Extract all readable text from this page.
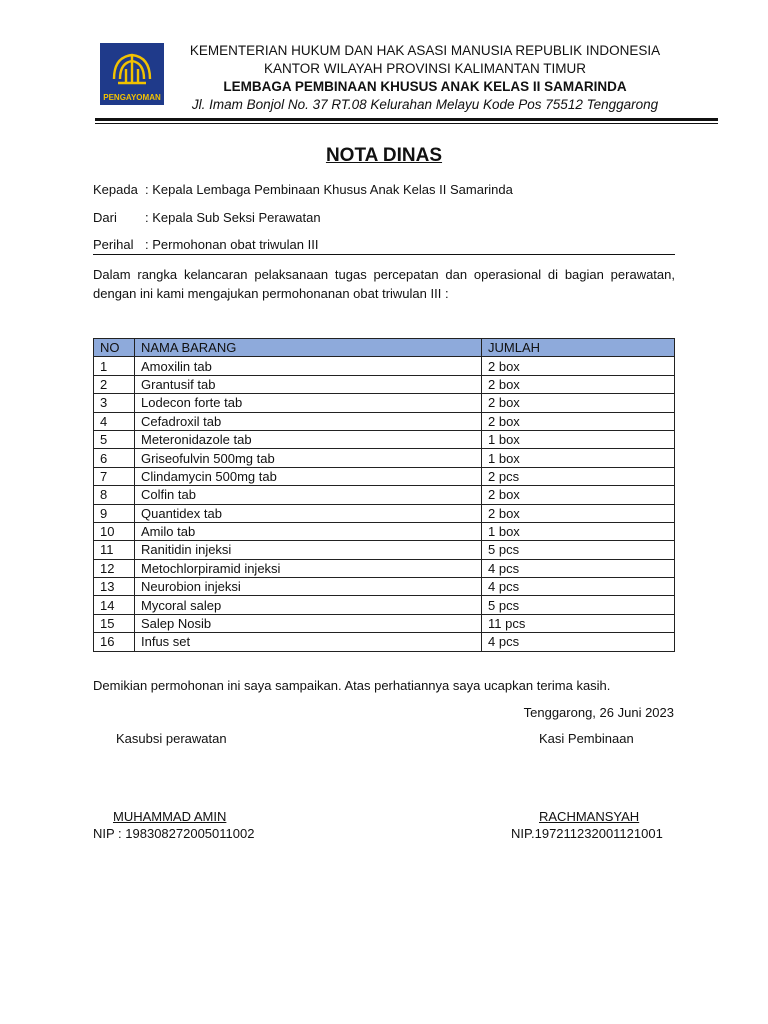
PENGAYOMAN
KEMENTERIAN HUKUM DAN HAK ASASI MANUSIA REPUBLIK INDONESIA
KANTOR WILAYAH PROVINSI KALIMANTAN TIMUR
LEMBAGA PEMBINAAN KHUSUS ANAK KELAS II SAMARINDA
Jl. Imam Bonjol No. 37 RT.08 Kelurahan Melayu Kode Pos 75512 Tenggarong
NOTA DINAS
Kepada : Kepala Lembaga Pembinaan Khusus Anak Kelas II Samarinda
Dari : Kepala Sub Seksi Perawatan
Perihal : Permohonan obat triwulan III
Dalam rangka kelancaran pelaksanaan tugas percepatan dan operasional di bagian perawatan, dengan ini kami mengajukan permohonanan obat triwulan III :
NO	NAMA BARANG	JUMLAH
1	Amoxilin tab	2 box
2	Grantusif tab	2 box
3	Lodecon forte tab	2 box
4	Cefadroxil tab	2 box
5	Meteronidazole tab	1 box
6	Griseofulvin 500mg tab	1 box
7	Clindamycin 500mg tab	2 pcs
8	Colfin tab	2 box
9	Quantidex tab	2 box
10	Amilo tab	1 box
11	Ranitidin injeksi	5 pcs
12	Metochlorpiramid injeksi	4 pcs
13	Neurobion injeksi	4 pcs
14	Mycoral salep	5 pcs
15	Salep Nosib	11 pcs
16	Infus set	4 pcs
Demikian permohonan ini saya sampaikan. Atas perhatiannya saya ucapkan terima kasih.
Tenggarong, 26 Juni 2023
Kasubsi perawatan	Kasi Pembinaan
MUHAMMAD AMIN	RACHMANSYAH
NIP : 198308272005011002	NIP.197211232001121001
